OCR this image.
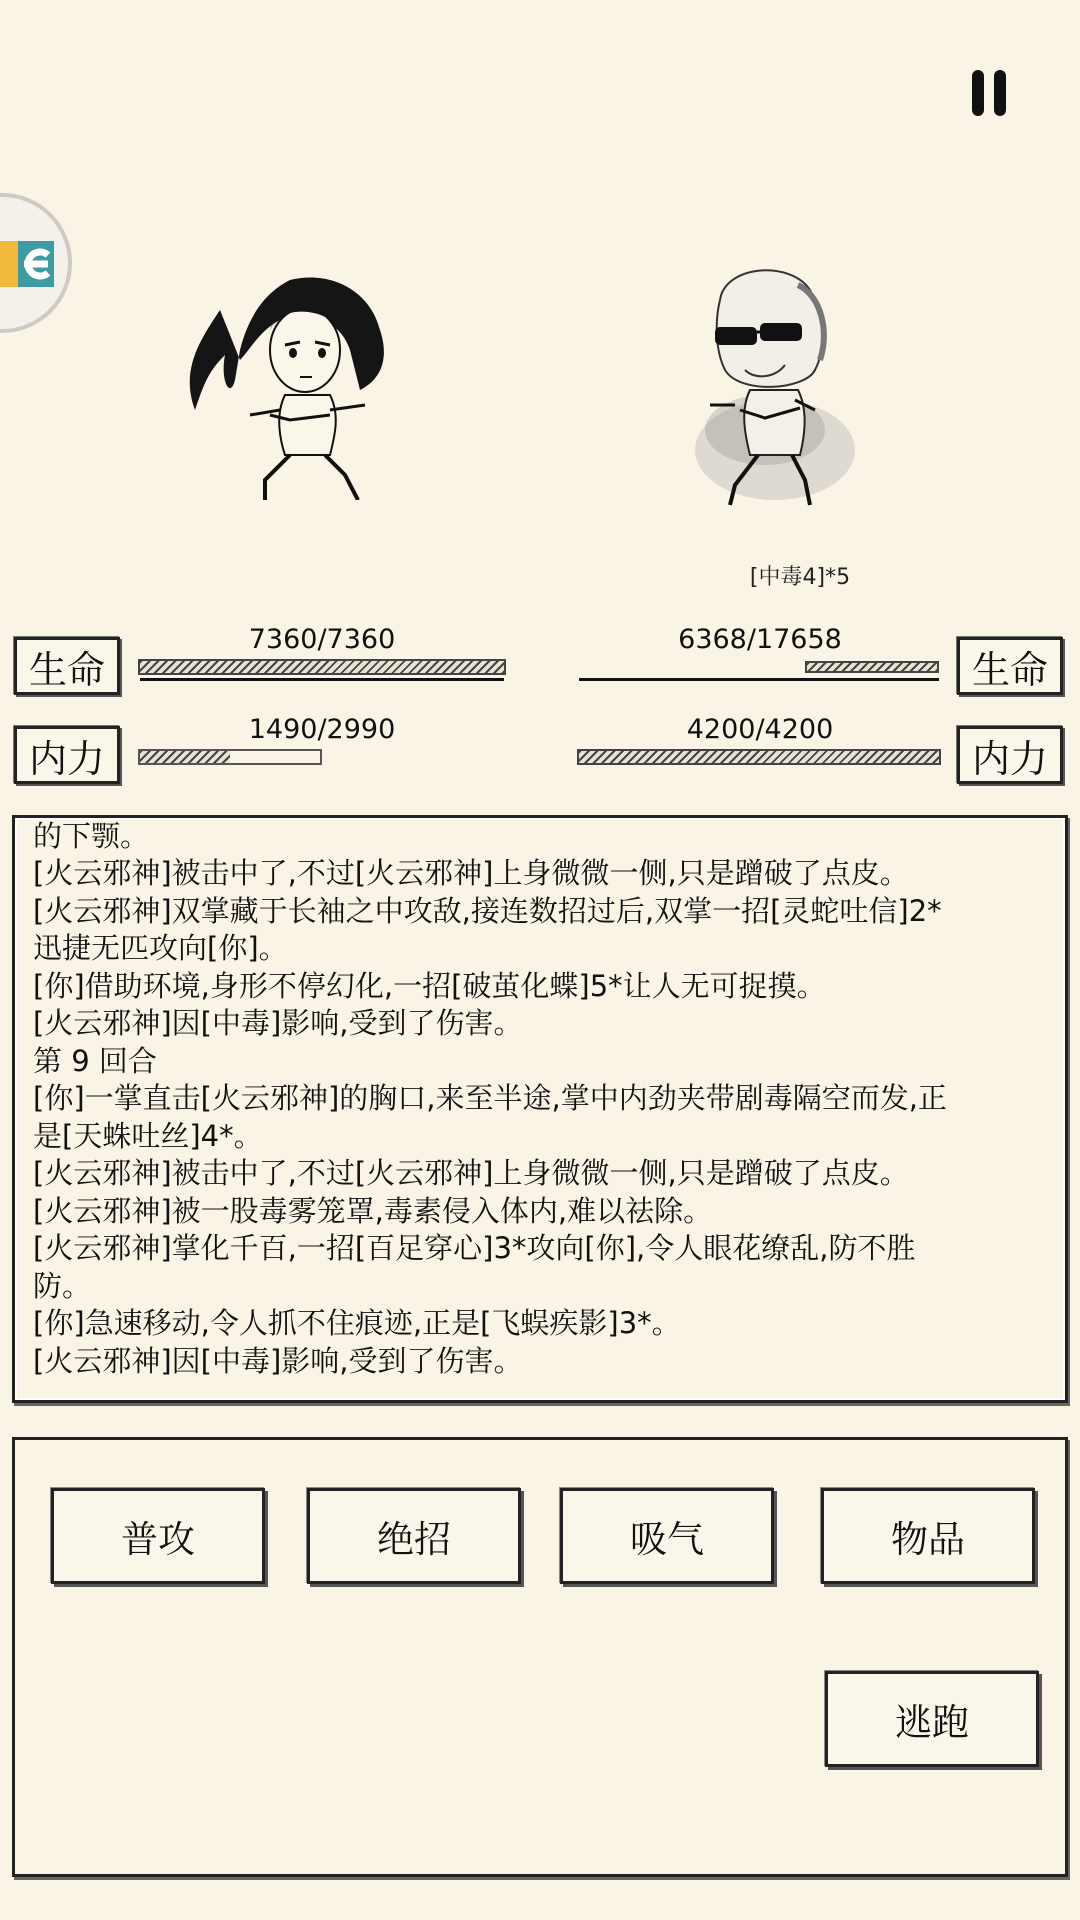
[中毒4]*5
生命
7360/7360
内力
1490/2990
生命
6368/17658
内力
4200/4200
的下颚。
[火云邪神]被击中了,不过[火云邪神]上身微微一侧,只是蹭破了点皮。
[火云邪神]双掌藏于长袖之中攻敌,接连数招过后,双掌一招[灵蛇吐信]2*
迅捷无匹攻向[你]。
[你]借助环境,身形不停幻化,一招[破茧化蝶]5*让人无可捉摸。
[火云邪神]因[中毒]影响,受到了伤害。
第 9 回合
[你]一掌直击[火云邪神]的胸口,来至半途,掌中内劲夹带剧毒隔空而发,正
是[天蛛吐丝]4*。
[火云邪神]被击中了,不过[火云邪神]上身微微一侧,只是蹭破了点皮。
[火云邪神]被一股毒雾笼罩,毒素侵入体内,难以祛除。
[火云邪神]掌化千百,一招[百足穿心]3*攻向[你],令人眼花缭乱,防不胜
防。
[你]急速移动,令人抓不住痕迹,正是[飞蜈疾影]3*。
[火云邪神]因[中毒]影响,受到了伤害。
普攻	绝招	吸气	物品
逃跑
